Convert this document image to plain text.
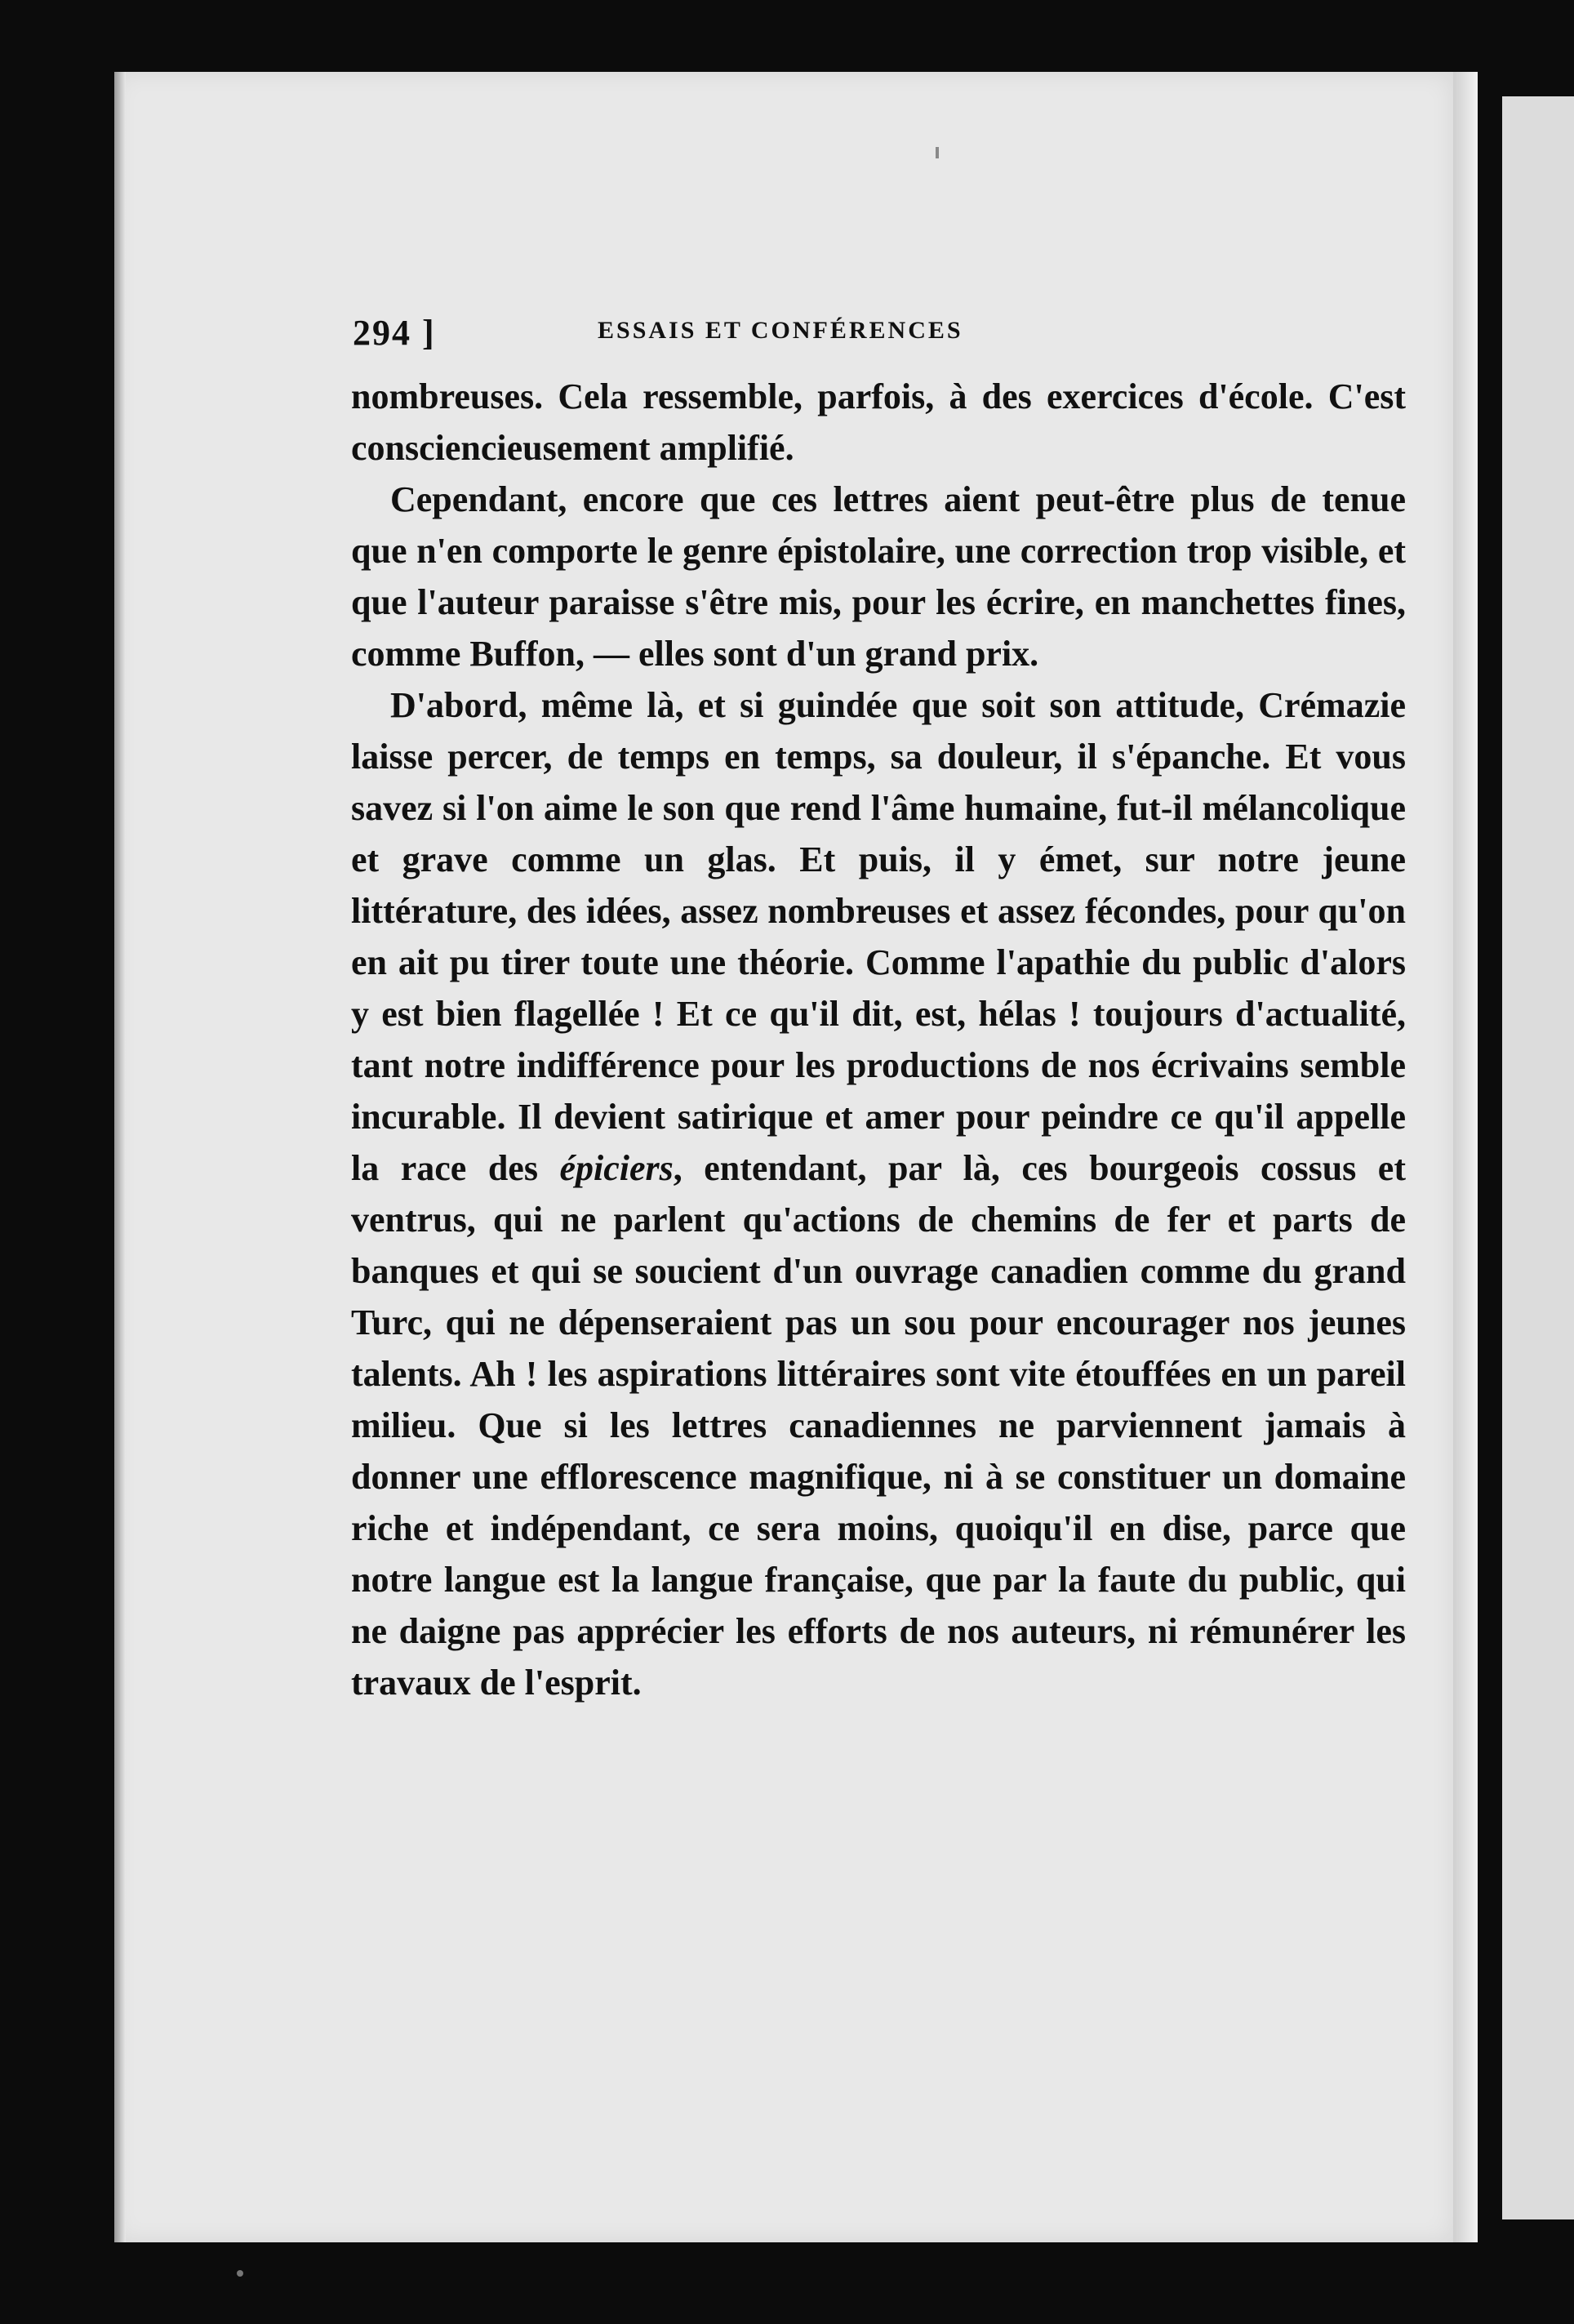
294 ]	ESSAIS ET CONFÉRENCES

nombreuses. Cela ressemble, parfois, à des exercices d'école. C'est consciencieusement amplifié.

Cependant, encore que ces lettres aient peut-être plus de tenue que n'en comporte le genre épistolaire, une correction trop visible, et que l'auteur paraisse s'être mis, pour les écrire, en manchettes fines, comme Buffon, — elles sont d'un grand prix.

D'abord, même là, et si guindée que soit son attitude, Crémazie laisse percer, de temps en temps, sa douleur, il s'épanche. Et vous savez si l'on aime le son que rend l'âme humaine, fut-il mélancolique et grave comme un glas. Et puis, il y émet, sur notre jeune littérature, des idées, assez nombreuses et assez fécondes, pour qu'on en ait pu tirer toute une théorie. Comme l'apathie du public d'alors y est bien flagellée ! Et ce qu'il dit, est, hélas ! toujours d'actualité, tant notre indifférence pour les productions de nos écrivains semble incurable. Il devient satirique et amer pour peindre ce qu'il appelle la race des épiciers, entendant, par là, ces bourgeois cossus et ventrus, qui ne parlent qu'actions de chemins de fer et parts de banques et qui se soucient d'un ouvrage canadien comme du grand Turc, qui ne dépenseraient pas un sou pour encourager nos jeunes talents. Ah ! les aspirations littéraires sont vite étouffées en un pareil milieu. Que si les lettres canadiennes ne parviennent jamais à donner une efflorescence magnifique, ni à se constituer un domaine riche et indépendant, ce sera moins, quoiqu'il en dise, parce que notre langue est la langue française, que par la faute du public, qui ne daigne pas apprécier les efforts de nos auteurs, ni rémunérer les travaux de l'esprit.
